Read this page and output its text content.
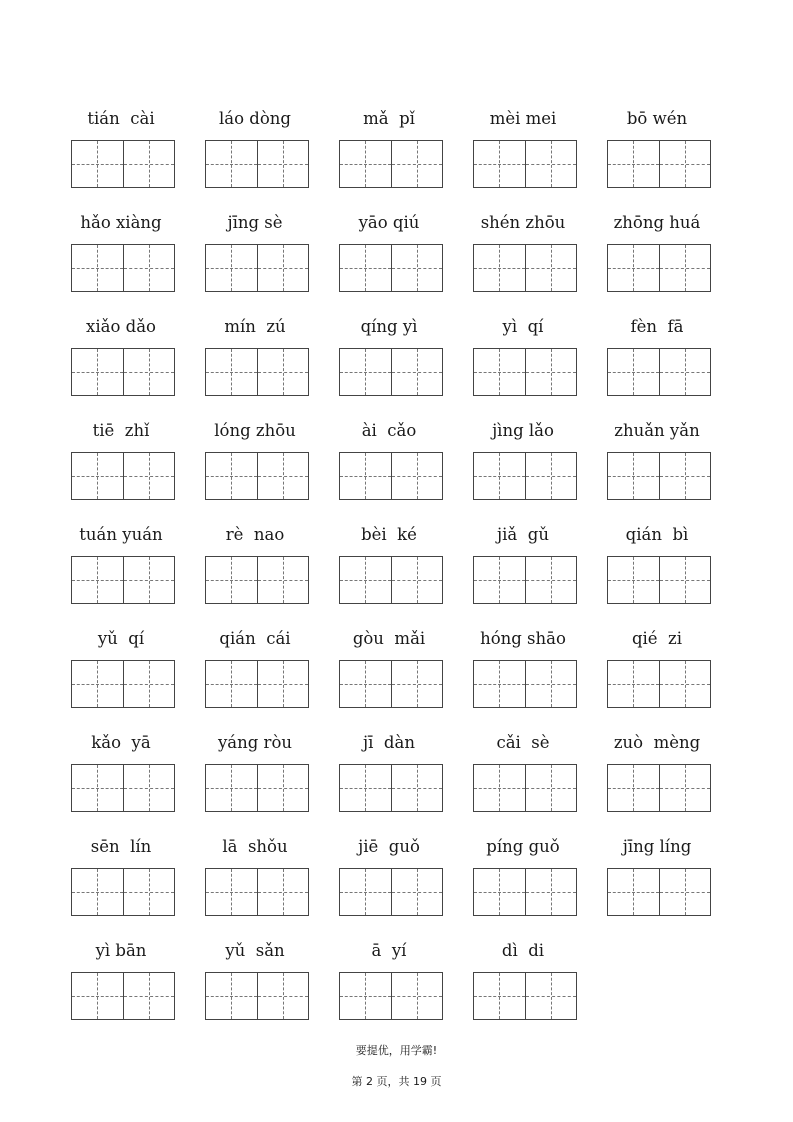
tián  cài	láo dòng	mǎ  pǐ	mèi mei	bō wén
hǎo xiàng	jīng sè	yāo qiú	shén zhōu	zhōng huá
xiǎo dǎo	mín  zú	qíng yì	yì  qí	fèn  fā
tiē  zhǐ	lóng zhōu	ài  cǎo	jìng lǎo	zhuǎn yǎn
tuán yuán	rè  nao	bèi  ké	jiǎ  gǔ	qián  bì
yǔ  qí	qián  cái	gòu  mǎi	hóng shāo	qié  zi
kǎo  yā	yáng ròu	jī  dàn	cǎi  sè	zuò  mèng
sēn  lín	lā  shǒu	jiē  guǒ	píng guǒ	jīng líng
yì bān	yǔ  sǎn	ā  yí	dì  di
要提优，用学霸!
第 2 页，共 19 页
